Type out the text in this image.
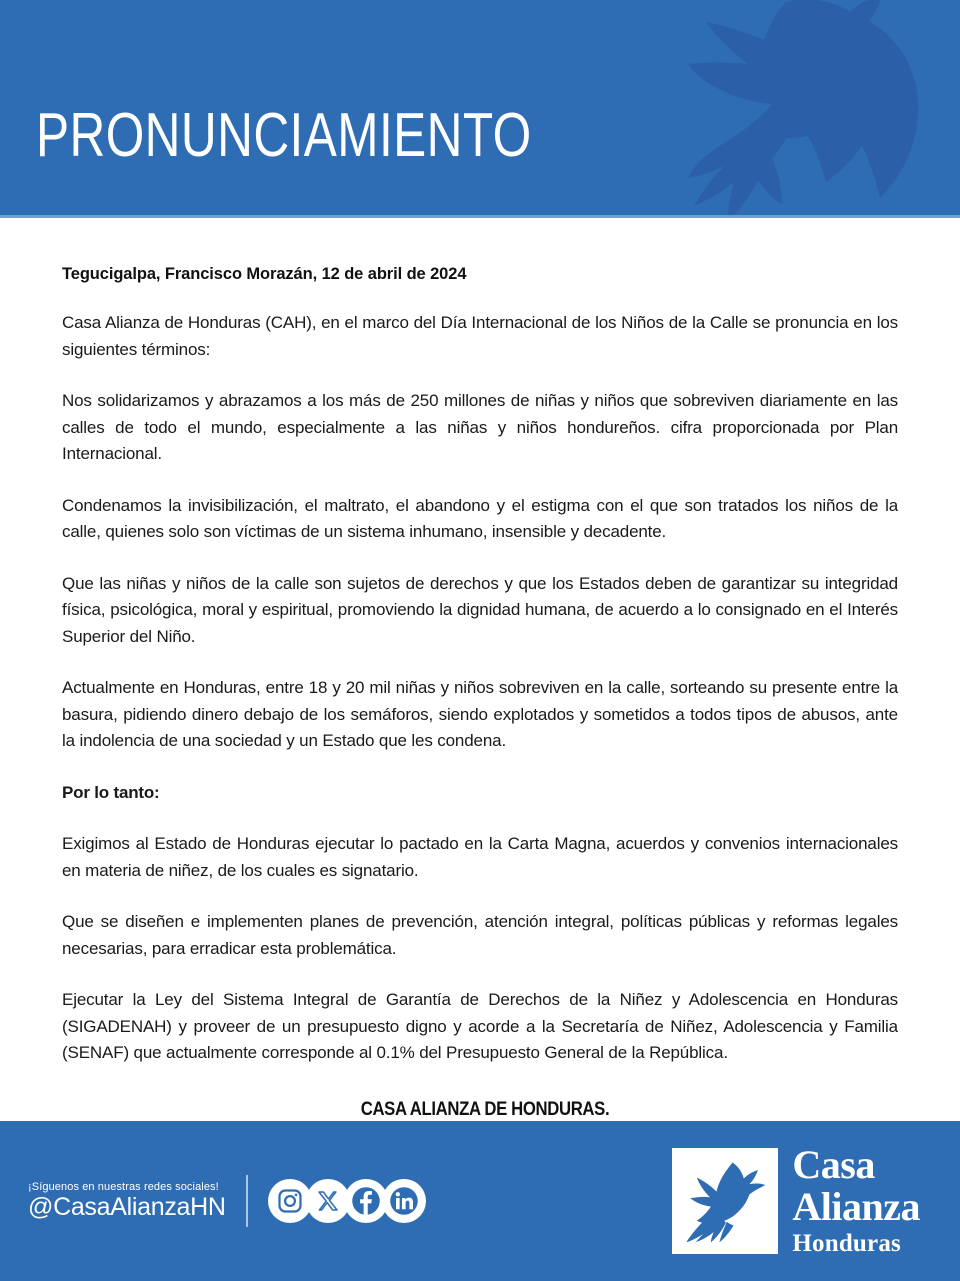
PRONUNCIAMIENTO

Tegucigalpa, Francisco Morazán, 12 de abril de 2024

Casa Alianza de Honduras (CAH), en el marco del Día Internacional de los Niños de la Calle se pronuncia en los siguientes términos:

Nos solidarizamos y abrazamos a los más de 250 millones de niñas y niños que sobreviven diariamente en las calles de todo el mundo, especialmente a las niñas y niños hondureños. cifra proporcionada por Plan Internacional.

Condenamos la invisibilización, el maltrato, el abandono y el estigma con el que son tratados los niños de la calle, quienes solo son víctimas de un sistema inhumano, insensible y decadente.

Que las niñas y niños de la calle son sujetos de derechos y que los Estados deben de garantizar su integridad física, psicológica, moral y espiritual, promoviendo la dignidad humana, de acuerdo a lo consignado en el Interés Superior del Niño.

Actualmente en Honduras, entre 18 y 20 mil niñas y niños sobreviven en la calle, sorteando su presente entre la basura, pidiendo dinero debajo de los semáforos, siendo explotados y sometidos a todos tipos de abusos, ante la indolencia de una sociedad y un Estado que les condena.

Por lo tanto:

Exigimos al Estado de Honduras ejecutar lo pactado en la Carta Magna, acuerdos y convenios internacionales en materia de niñez, de los cuales es signatario.

Que se diseñen e implementen planes de prevención, atención integral, políticas públicas y reformas legales necesarias, para erradicar esta problemática.

Ejecutar la Ley del Sistema Integral de Garantía de Derechos de la Niñez y Adolescencia en Honduras (SIGADENAH) y proveer de un presupuesto digno y acorde a la Secretaría de Niñez, Adolescencia y Familia (SENAF) que actualmente corresponde al 0.1% del Presupuesto General de la República.

CASA ALIANZA DE HONDURAS.
¡Síguenos en nuestras redes sociales!
@CasaAlianzaHN
Casa
Alianza
Honduras
